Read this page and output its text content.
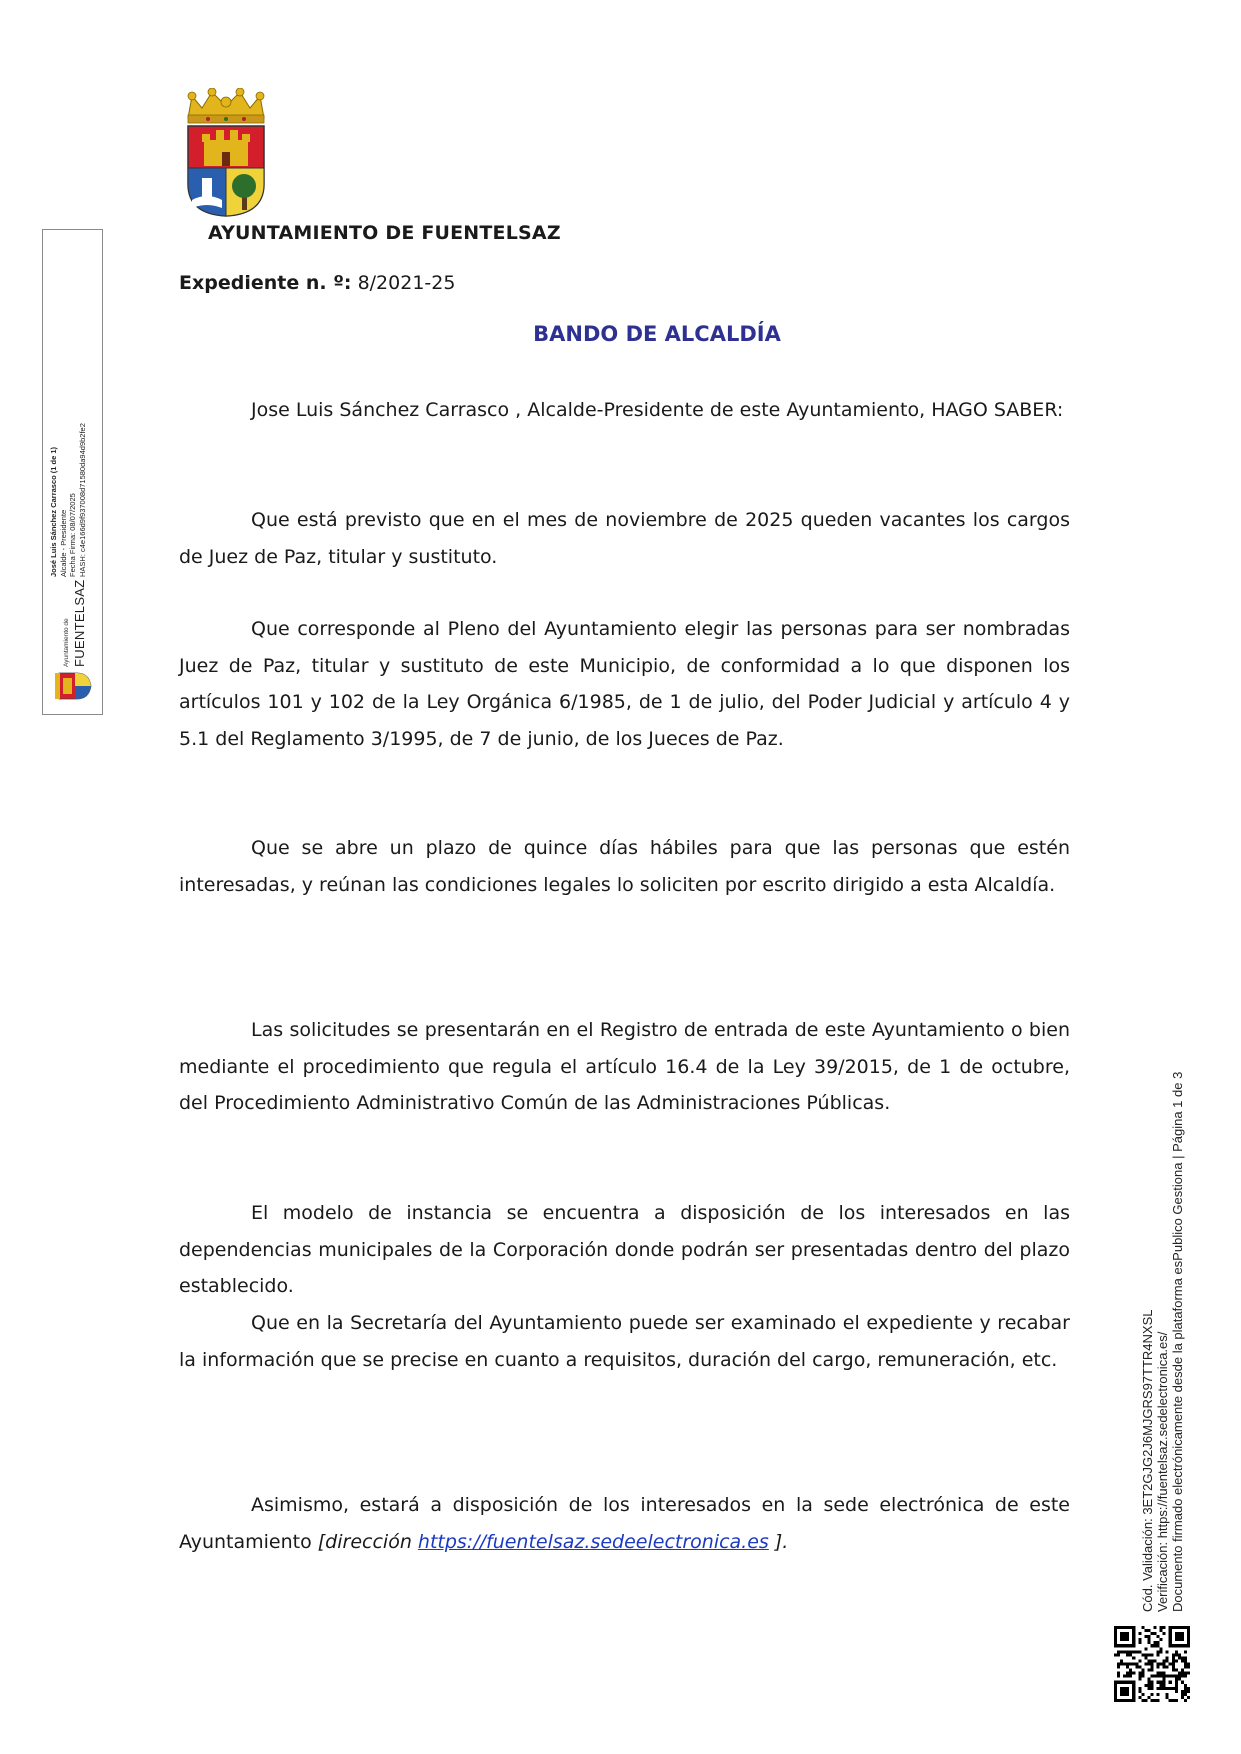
AYUNTAMIENTO DE FUENTELSAZ
Expediente n. º: 8/2021-25
BANDO DE ALCALDÍA

Jose Luis Sánchez Carrasco , Alcalde-Presidente de este Ayuntamiento, HAGO SABER:

Que está previsto que en el mes de noviembre de 2025 queden vacantes los cargos de Juez de Paz, titular y sustituto.

Que corresponde al Pleno del Ayuntamiento elegir las personas para ser nombradas Juez de Paz, titular y sustituto de este Municipio, de conformidad a lo que disponen los artículos 101 y 102 de la Ley Orgánica 6/1985, de 1 de julio, del Poder Judicial y artículo 4 y 5.1 del Reglamento 3/1995, de 7 de junio, de los Jueces de Paz.

Que se abre un plazo de quince días hábiles para que las personas que estén interesadas, y reúnan las condiciones legales lo soliciten por escrito dirigido a esta Alcaldía.

Las solicitudes se presentarán en el Registro de entrada de este Ayuntamiento o bien mediante el procedimiento que regula el artículo 16.4 de la Ley 39/2015, de 1 de octubre, del Procedimiento Administrativo Común de las Administraciones Públicas.

El modelo de instancia se encuentra a disposición de los interesados en las dependencias municipales de la Corporación donde podrán ser presentadas dentro del plazo establecido.

Que en la Secretaría del Ayuntamiento puede ser examinado el expediente y recabar la información que se precise en cuanto a requisitos, duración del cargo, remuneración, etc.

Asimismo, estará a disposición de los interesados en la sede electrónica de este Ayuntamiento [dirección https://fuentelsaz.sedeelectronica.es ].

Ayuntamiento de FUENTELSAZ
José Luis Sánchez Carrasco (1 de 1) Alcalde - Presidente Fecha Firma: 08/07/2025 HASH: c4e166d9f937008d71580da94d9b2fe2
Cód. Validación: 3ET2GJG2J6MJGRS97TTR4NXSL Verificación: https://fuentelsaz.sedelectronica.es/ Documento firmado electrónicamente desde la plataforma esPublico Gestiona | Página 1 de 3
